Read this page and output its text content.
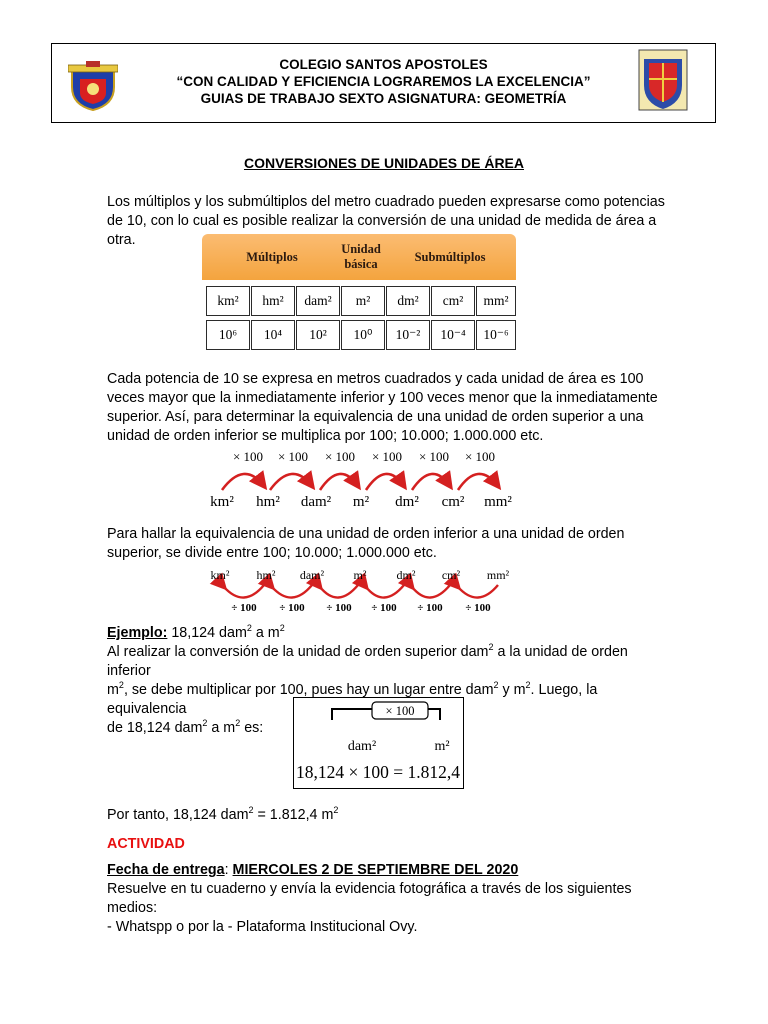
COLEGIO SANTOS APOSTOLES
“CON CALIDAD Y EFICIENCIA LOGRAREMOS LA EXCELENCIA”
GUIAS DE TRABAJO SEXTO ASIGNATURA: GEOMETRÍA
CONVERSIONES DE UNIDADES DE ÁREA
Los múltiplos y los submúltiplos del metro cuadrado pueden expresarse como potencias de 10, con lo cual es posible realizar la conversión de una unidad de medida de área a otra.
Múltiplos
Unidad
básica	Submúltiplos
km²	hm²	dam²	m²	dm²	cm²	mm²
10⁶	10⁴	10²	10⁰	10⁻²	10⁻⁴	10⁻⁶
Cada potencia de 10 se expresa en metros cuadrados y cada unidad de área es 100 veces mayor que la inmediatamente inferior y 100 veces menor que la inmediatamente superior. Así, para determinar la equivalencia de una unidad de orden superior a una unidad de orden inferior se multiplica por 100; 10.000; 1.000.000 etc.
× 100 × 100 × 100 × 100 × 100 × 100
km² hm² dam² m² dm² cm² mm²
Para hallar la equivalencia de una unidad de orden inferior a una unidad de orden superior, se divide entre 100; 10.000; 1.000.000 etc.
km² hm² dam² m²	dm² cm² mm²
÷ 100 ÷ 100 ÷ 100 ÷ 100 ÷ 100 ÷ 100
Ejemplo: 18,124 dam$^2$ a $m^2$
Al realizar la conversión de la unidad de orden superior dam$^2$ a la unidad de orden inferior
$m^2$, se debe multiplicar por 100, pues hay un lugar entre dam$^2$ y $m^2$. Luego, la equivalencia
de 18,124 dam$^2$ a $m^2$ es:
× 100
dam²	m²
18,124 × 100 = 1.812,4
Por tanto, 18,124 dam$^2$ = 1.812,4 $m^2$
ACTIVIDAD
Fecha de entrega: MIERCOLES 2 DE SEPTIEMBRE DEL 2020
Resuelve en tu cuaderno y envía la evidencia fotográfica a través de los siguientes medios:
- Whatspp o por la - Plataforma Institucional Ovy.
